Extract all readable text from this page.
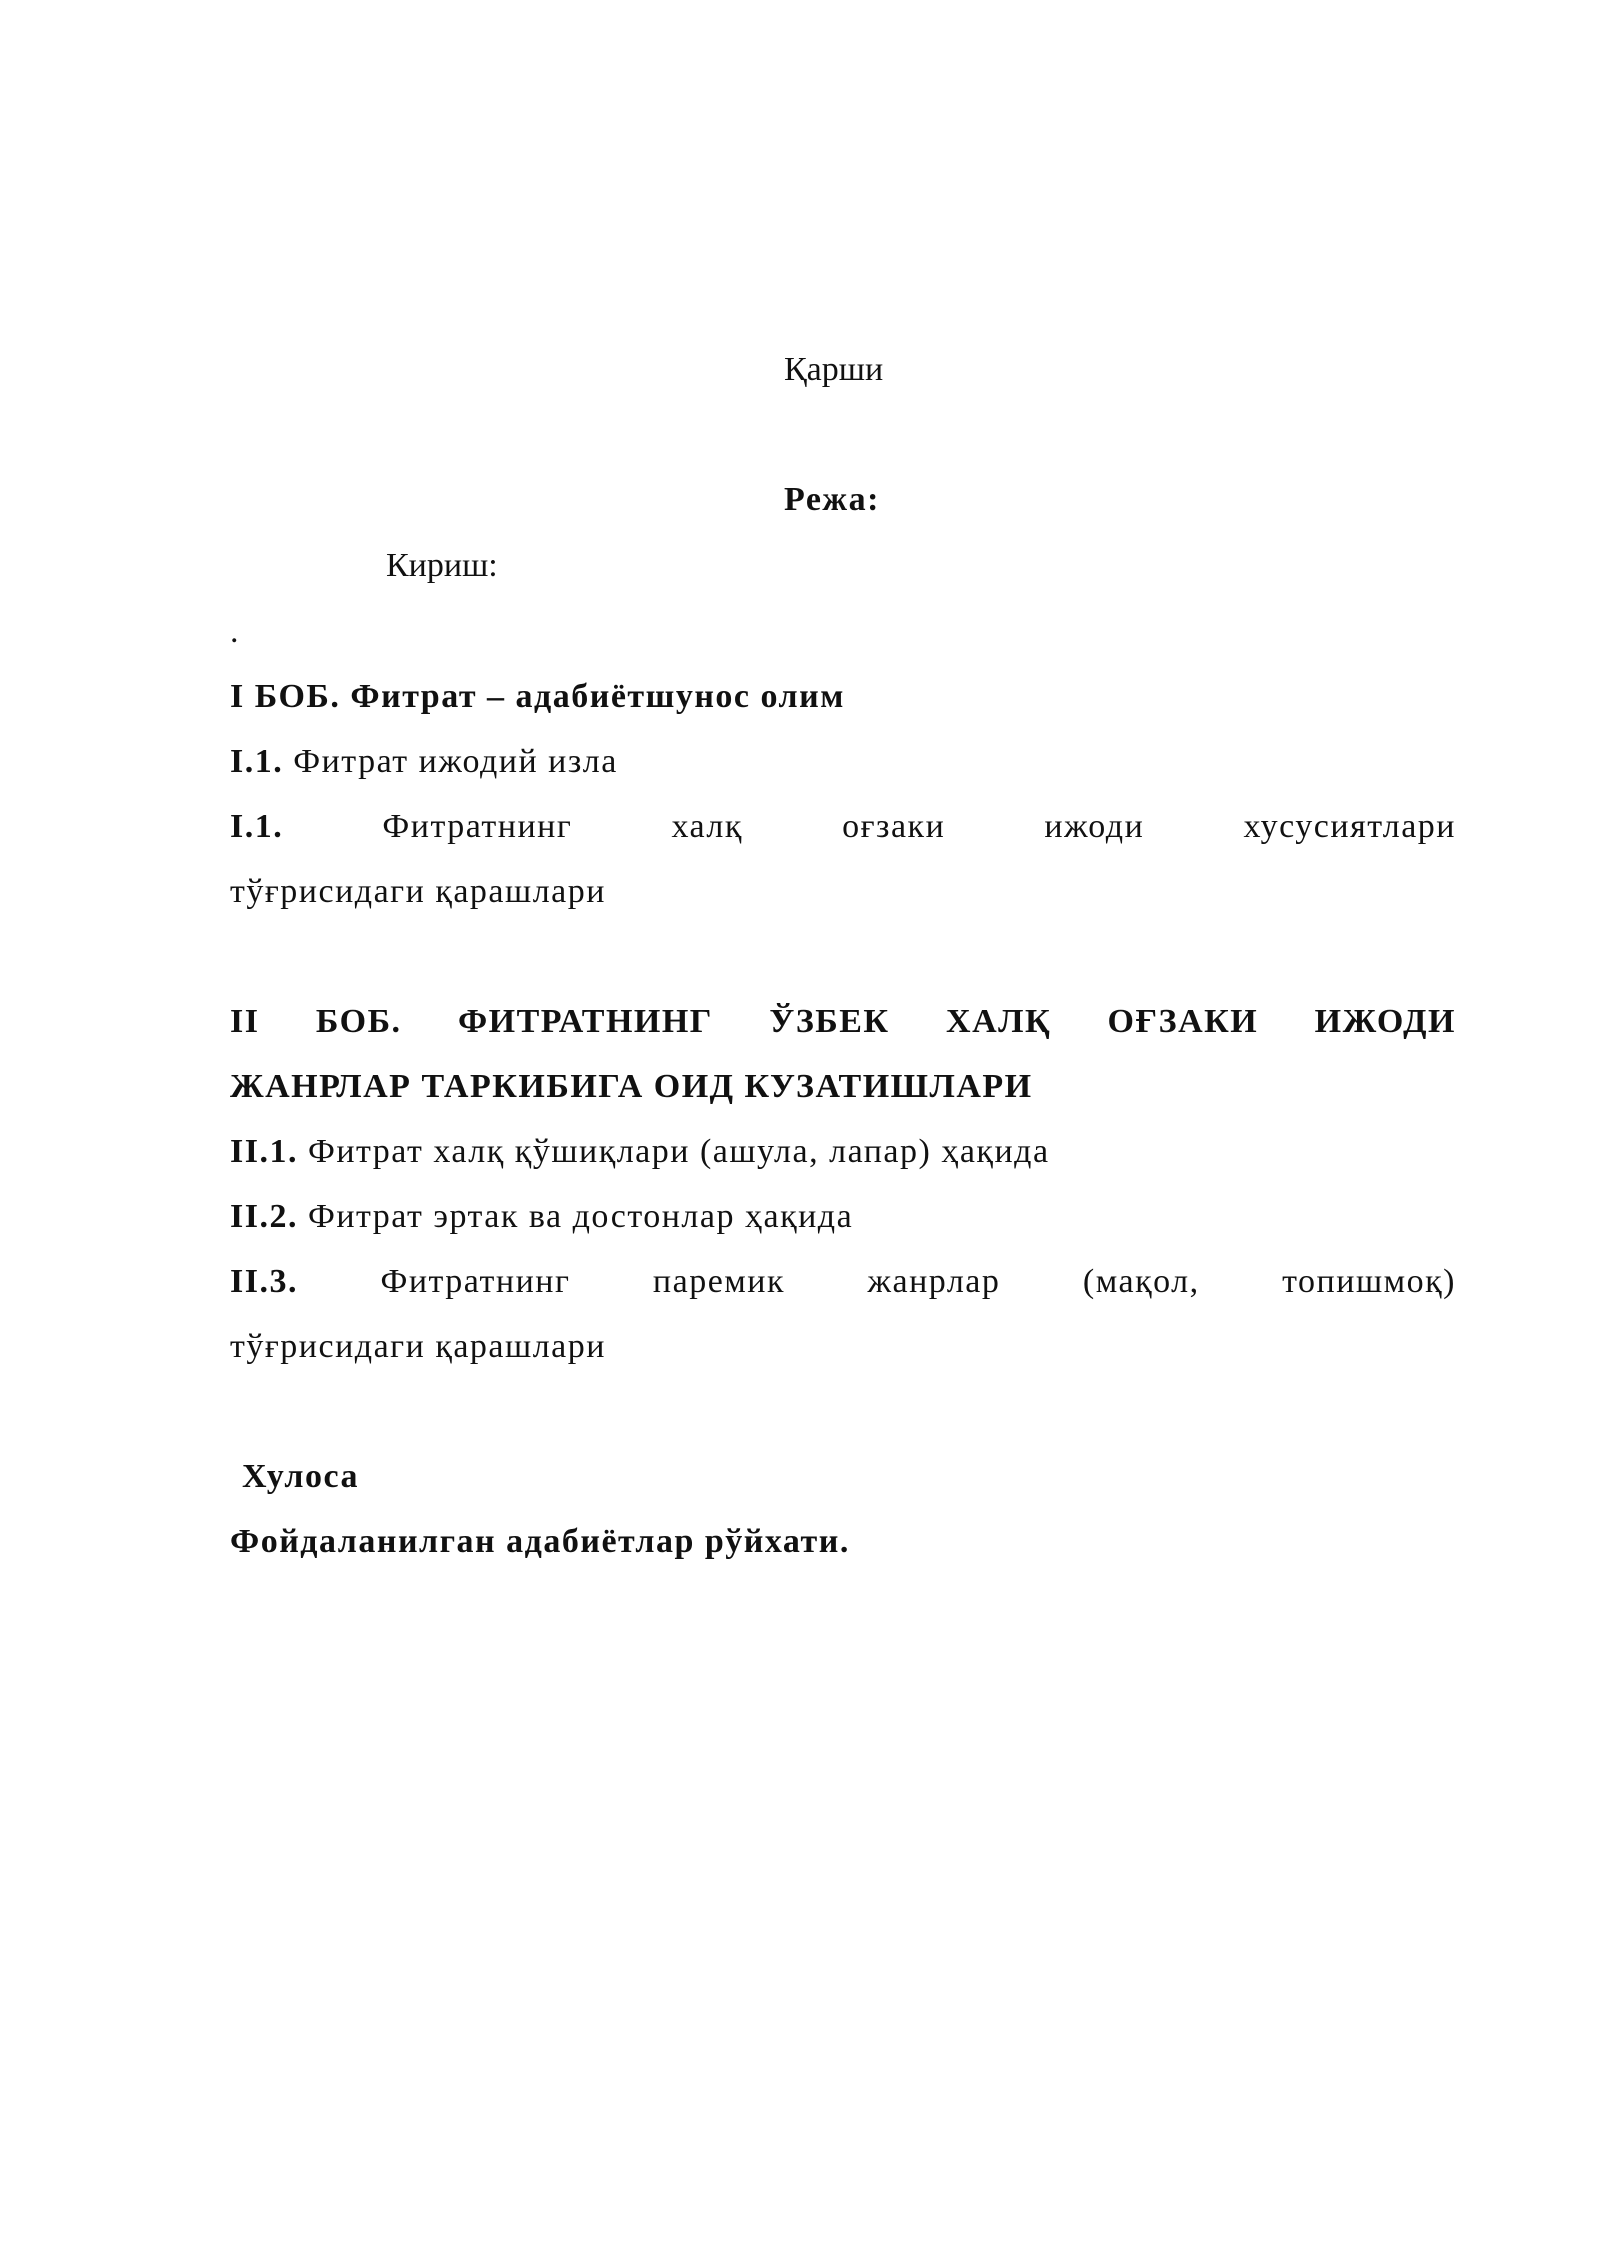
Қарши
Режа:
Кириш:
.
I БОБ. Фитрат – адабиётшунос олим
I.1. Фитрат ижодий изла
I.1.	Фитратнинг	халқ	оғзаки	ижоди	хусусиятлари
тўғрисидаги қарашлари
II БОБ. ФИТРАТНИНГ ЎЗБЕК ХАЛҚ ОҒЗАКИ ИЖОДИ
ЖАНРЛАР ТАРКИБИГА ОИД КУЗАТИШЛАРИ
II.1. Фитрат халқ қўшиқлари (ашула, лапар) ҳақида
II.2. Фитрат эртак ва достонлар ҳақида
II.3. Фитратнинг паремик жанрлар (мақол, топишмоқ)
тўғрисидаги қарашлари
Хулоса
Фойдаланилган адабиётлар рўйхати.
